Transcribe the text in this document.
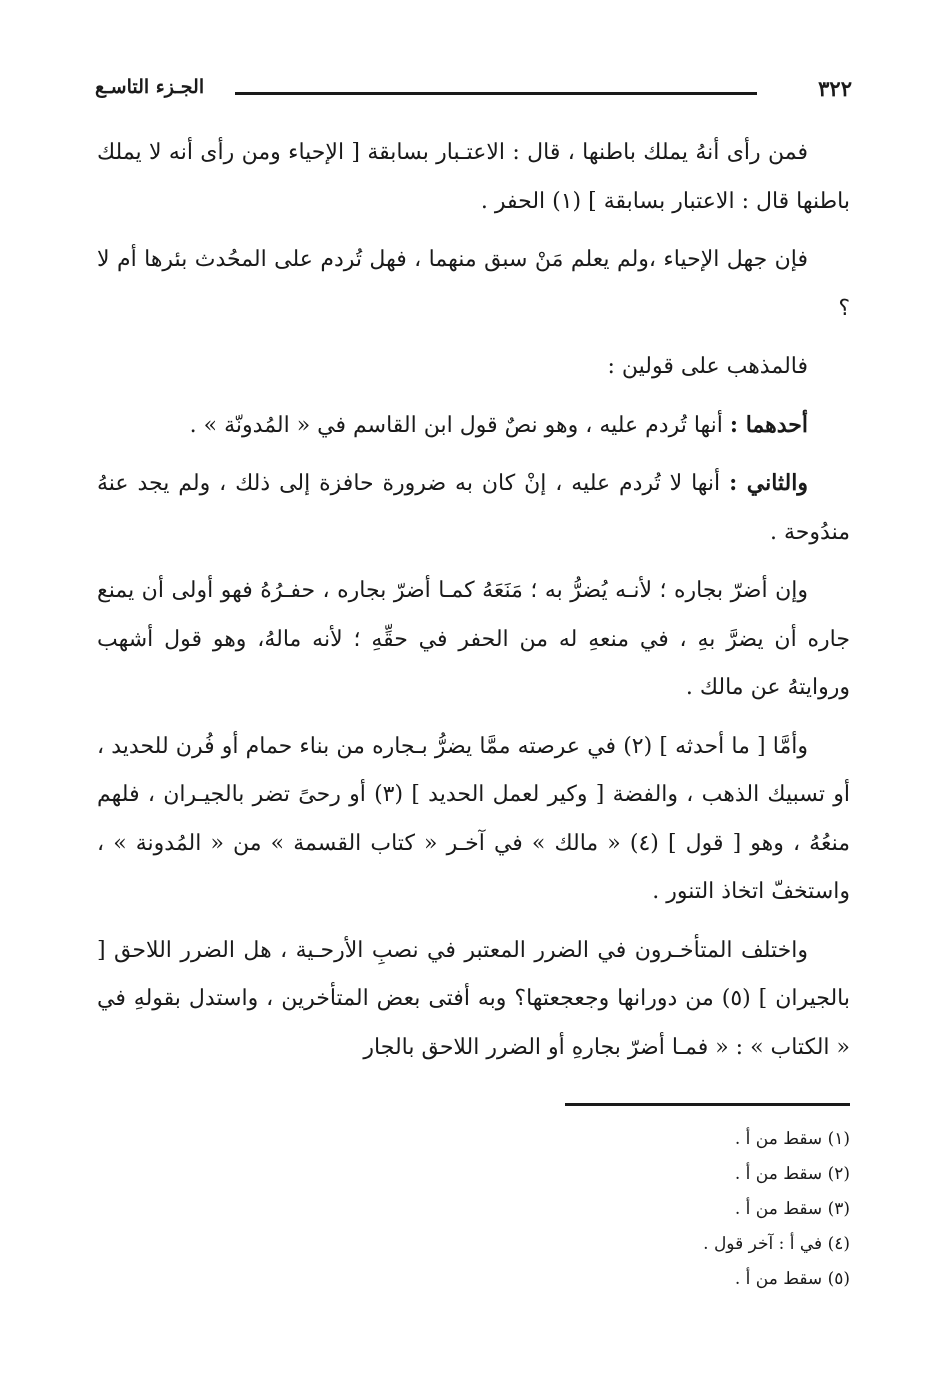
الجـزء التاسـع	٣٢٢

فمن رأى أنهُ يملك باطنها ، قال : الاعتـبار بسابقة [ الإحياء ومن رأى أنه لا يملك باطنها قال : الاعتبار بسابقة ] (١) الحفر .

فإن جهل الإحياء ،ولم يعلم مَنْ سبق منهما ، فهل تُردم على المحُدث بئرها أم لا ؟

فالمذهب على قولين :

أحدهما : أنها تُردم عليه ، وهو نصٌ قول ابن القاسم في « المُدونّة » .

والثاني : أنها لا تُردم عليه ، إنْ كان به ضرورة حافزة إلى ذلك ، ولم يجد عنهُ مندُوحة .

وإن أضرّ بجاره ؛ لأنـه يُضرُّ به ؛ مَنَعَهُ كمـا أضرّ بجاره ، حفـرُهُ فهو أولى أن يمنع جاره أن يضرَّ بهِ ، في منعهِ له من الحفر في حقِّهِ ؛ لأنه مالهُ، وهو قول أشهب وروايتهُ عن مالك .

وأمَّا [ ما أحدثه ] (٢) في عرصته ممَّا يضرُّ بـجاره من بناء حمام أو فُرن للحديد ، أو تسبيك الذهب ، والفضة [ وكير لعمل الحديد ] (٣) أو رحىً تضر بالجيـران ، فلهم منعُهُ ، وهو [ قول ] (٤) « مالك » في آخـر « كتاب القسمة » من « المُدونة » ، واستخفّ اتخاذ التنور .

واختلف المتأخـرون في الضرر المعتبر في نصبِ الأرحـية ، هل الضرر اللاحق [ بالجيران ] (٥) من دورانها وجعجعتها؟ وبه أفتى بعض المتأخرين ، واستدل بقولهِ في « الكتاب » : « فمـا أضرّ بجارهِ أو الضرر اللاحق بالجار

(١) سقط من أ .
(٢) سقط من أ .
(٣) سقط من أ .
(٤) في أ : آخر قول .
(٥) سقط من أ .
